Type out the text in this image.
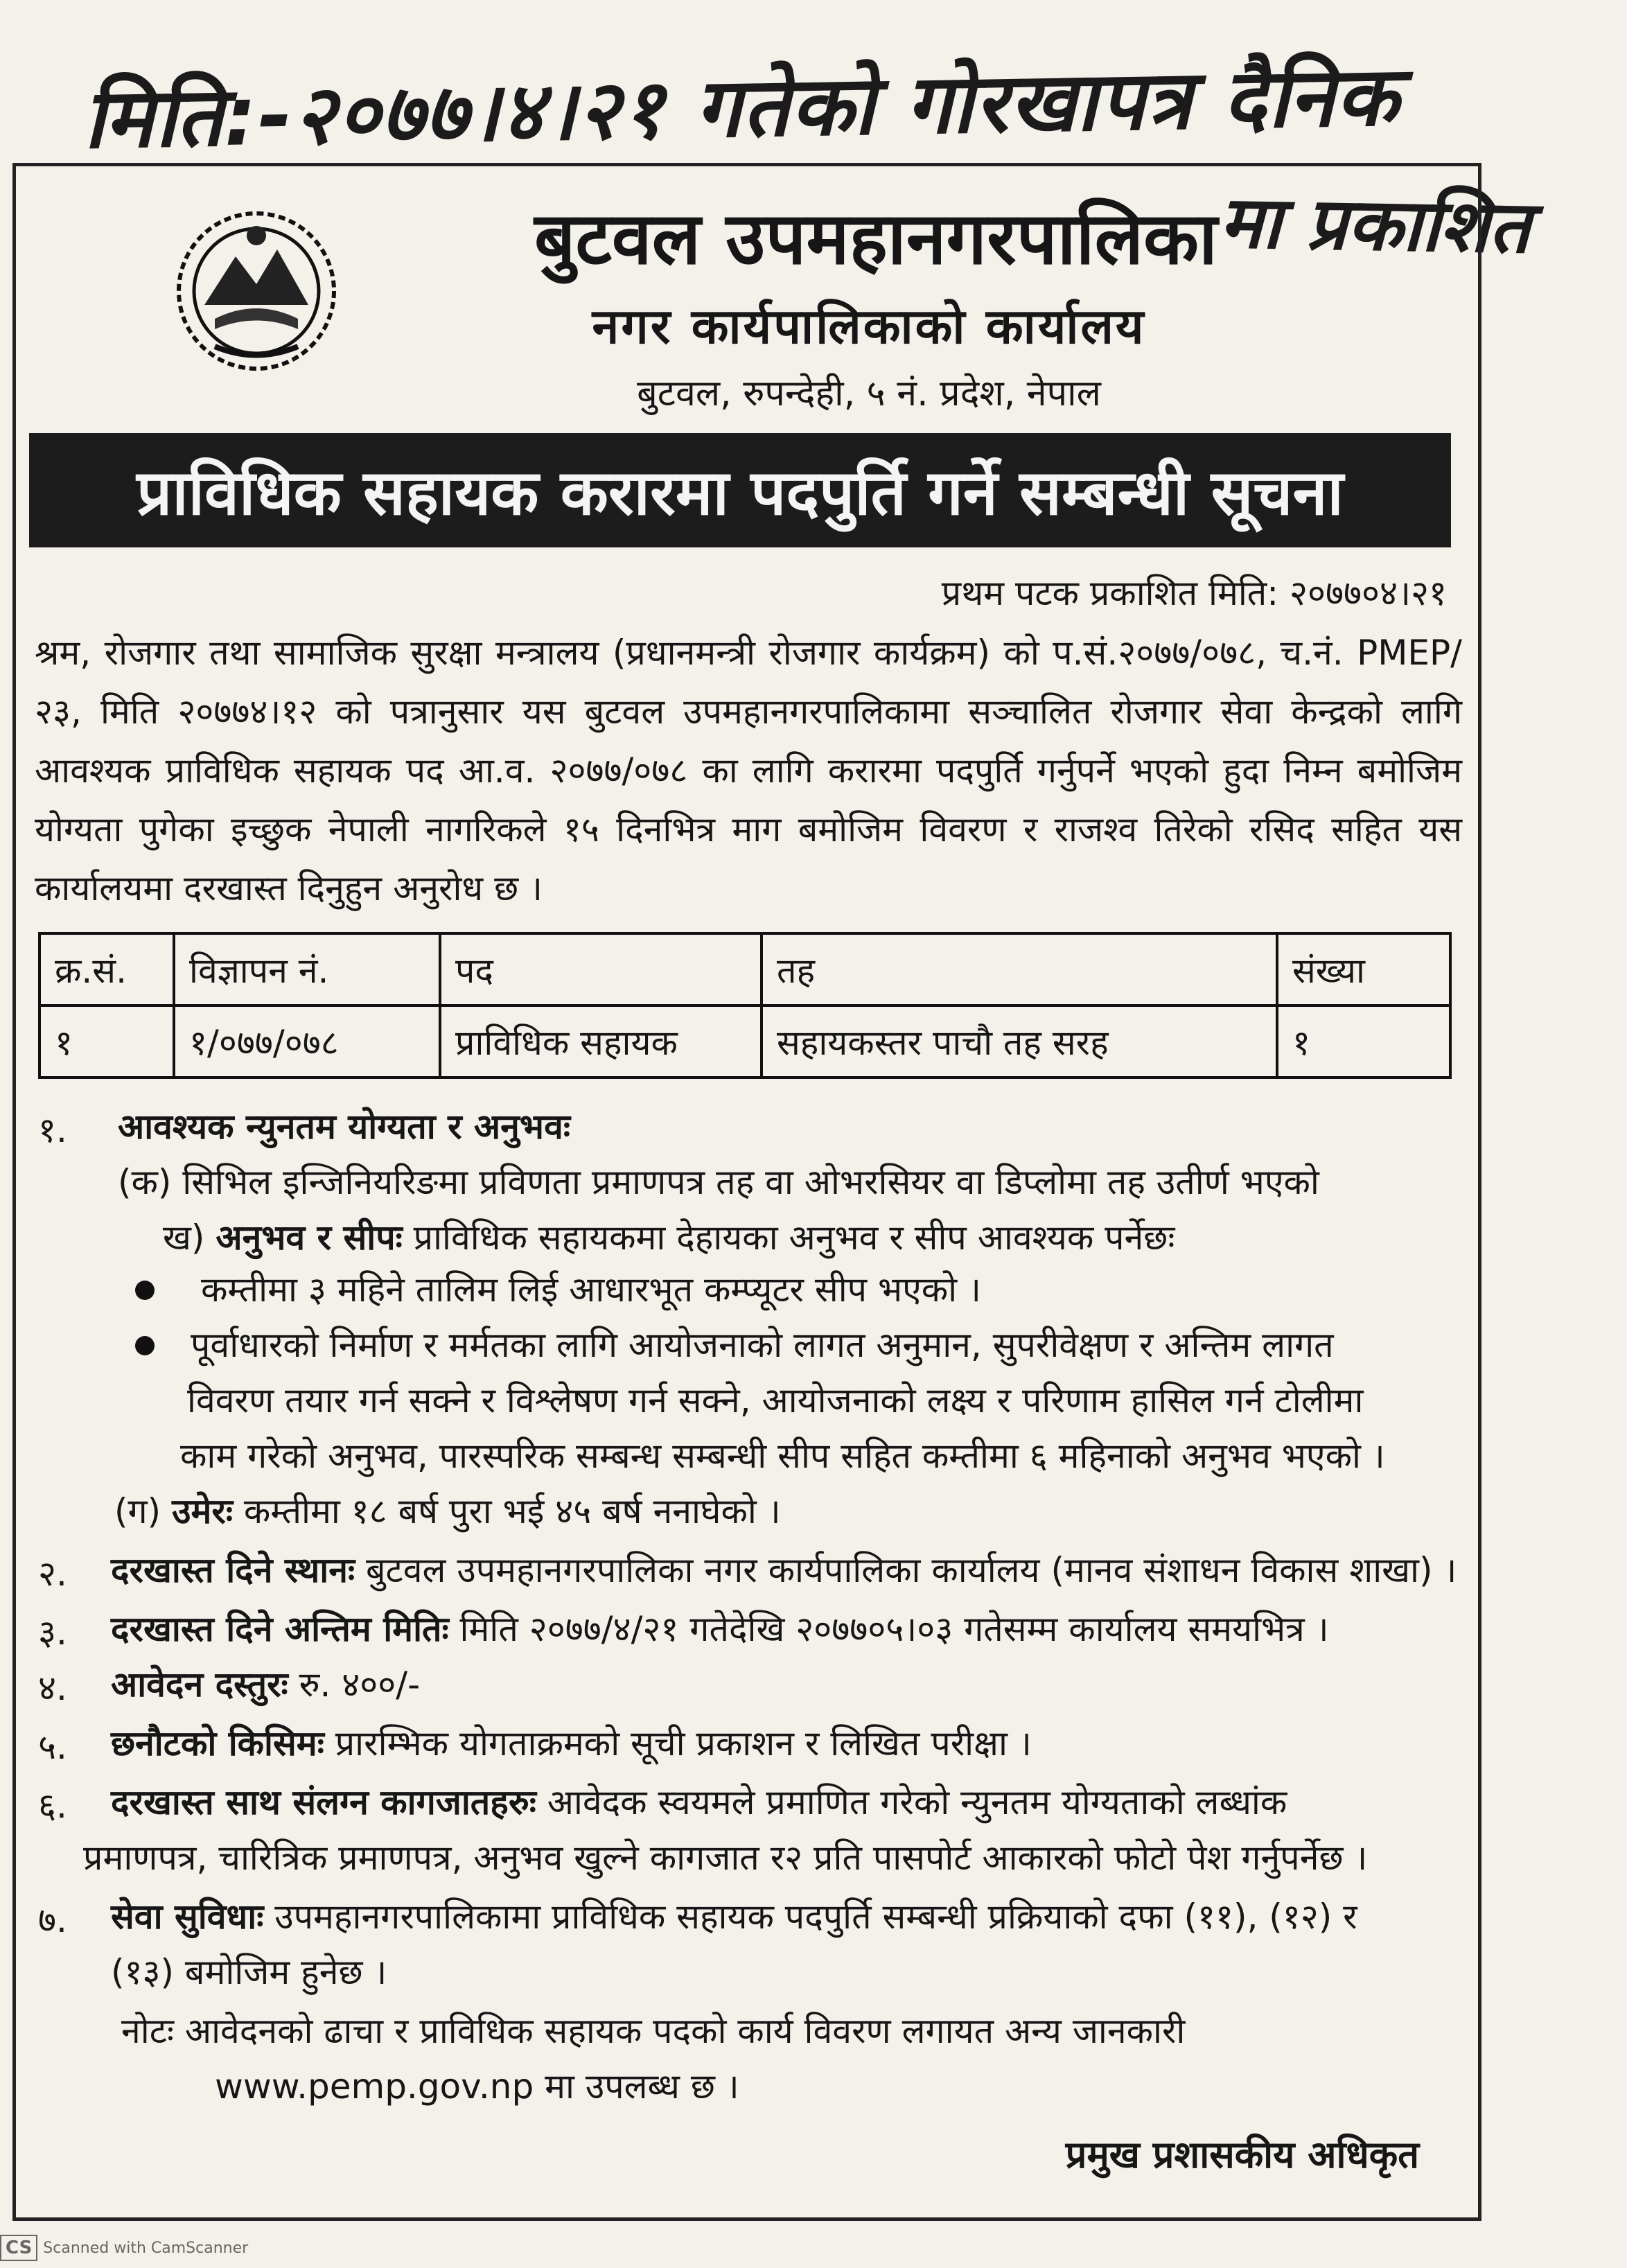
मिति:-२०७७।४।२१ गतेको गोरखापत्र दैनिक
मा प्रकाशित
बुटवल उपमहानगरपालिका
नगर कार्यपालिकाको कार्यालय
बुटवल, रुपन्देही, ५ नं. प्रदेश, नेपाल
प्राविधिक सहायक करारमा पदपुर्ति गर्ने सम्बन्धी सूचना
प्रथम पटक प्रकाशित मिति: २०७७०४।२१
श्रम, रोजगार तथा सामाजिक सुरक्षा मन्त्रालय (प्रधानमन्त्री रोजगार कार्यक्रम) को प.सं.२०७७/०७८, च.नं. PMEP/२३, मिति २०७७४।१२ को पत्रानुसार यस बुटवल उपमहानगरपालिकामा सञ्चालित रोजगार सेवा केन्द्रको लागि आवश्यक प्राविधिक सहायक पद आ.व. २०७७/०७८ का लागि करारमा पदपुर्ति गर्नुपर्ने भएको हुदा निम्न बमोजिम योग्यता पुगेका इच्छुक नेपाली नागरिकले १५ दिनभित्र माग बमोजिम विवरण र राजश्व तिरेको रसिद सहित यस कार्यालयमा दरखास्त दिनुहुन अनुरोध छ ।
क्र.सं.	विज्ञापन नं.	पद	तह	संख्या
१	१/०७७/०७८	प्राविधिक सहायक	सहायकस्तर पाचौ तह सरह	१
१. आवश्यक न्युनतम योग्यता र अनुभवः
(क) सिभिल इन्जिनियरिङमा प्रविणता प्रमाणपत्र तह वा ओभरसियर वा डिप्लोमा तह उतीर्ण भएको
ख) अनुभव र सीपः प्राविधिक सहायकमा देहायका अनुभव र सीप आवश्यक पर्नेछः
कम्तीमा ३ महिने तालिम लिई आधारभूत कम्प्यूटर सीप भएको ।
पूर्वाधारको निर्माण र मर्मतका लागि आयोजनाको लागत अनुमान, सुपरीवेक्षण र अन्तिम लागत
विवरण तयार गर्न सक्ने र विश्लेषण गर्न सक्ने, आयोजनाको लक्ष्य र परिणाम हासिल गर्न टोलीमा
काम गरेको अनुभव, पारस्परिक सम्बन्ध सम्बन्धी सीप सहित कम्तीमा ६ महिनाको अनुभव भएको ।
(ग) उमेरः कम्तीमा १८ बर्ष पुरा भई ४५ बर्ष ननाघेको ।
२. दरखास्त दिने स्थानः बुटवल उपमहानगरपालिका नगर कार्यपालिका कार्यालय (मानव संशाधन विकास शाखा) ।
३. दरखास्त दिने अन्तिम मितिः मिति २०७७/४/२१ गतेदेखि २०७७०५।०३ गतेसम्म कार्यालय समयभित्र ।
४. आवेदन दस्तुरः रु. ४००/-
५. छनौटको किसिमः प्रारम्भिक योगताक्रमको सूची प्रकाशन र लिखित परीक्षा ।
६. दरखास्त साथ संलग्न कागजातहरुः आवेदक स्वयमले प्रमाणित गरेको न्युनतम योग्यताको लब्धांक
प्रमाणपत्र, चारित्रिक प्रमाणपत्र, अनुभव खुल्ने कागजात र२ प्रति पासपोर्ट आकारको फोटो पेश गर्नुपर्नेछ ।
७. सेवा सुविधाः उपमहानगरपालिकामा प्राविधिक सहायक पदपुर्ति सम्बन्धी प्रक्रियाको दफा (११), (१२) र
(१३) बमोजिम हुनेछ ।
नोटः आवेदनको ढाचा र प्राविधिक सहायक पदको कार्य विवरण लगायत अन्य जानकारी
www.pemp.gov.np मा उपलब्ध छ ।
प्रमुख प्रशासकीय अधिकृत
CS Scanned with CamScanner
